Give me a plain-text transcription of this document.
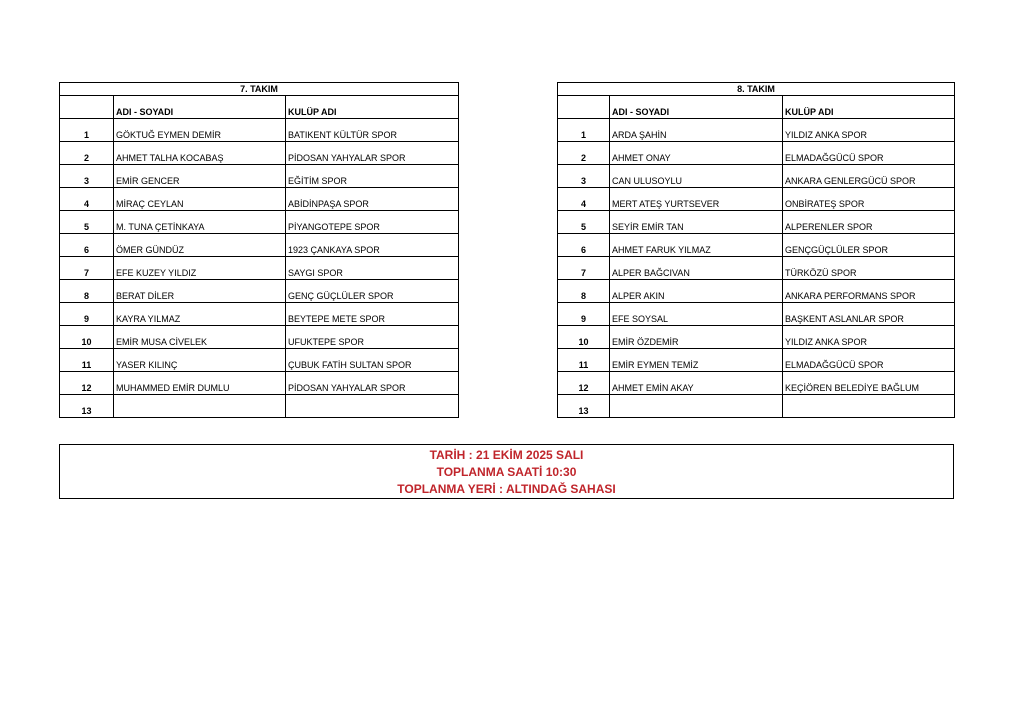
7. TAKIM		
	ADI - SOYADI	KULÜP ADI
1	GÖKTUĞ EYMEN DEMİR	BATIKENT KÜLTÜR SPOR
2	AHMET TALHA KOCABAŞ	PİDOSAN YAHYALAR SPOR
3	EMİR GENCER	EĞİTİM SPOR
4	MİRAÇ CEYLAN	ABİDİNPAŞA SPOR
5	M. TUNA ÇETİNKAYA	PİYANGOTEPE SPOR
6	ÖMER GÜNDÜZ	1923 ÇANKAYA SPOR
7	EFE KUZEY YILDIZ	SAYGI SPOR
8	BERAT DİLER	GENÇ GÜÇLÜLER SPOR
9	KAYRA YILMAZ	BEYTEPE METE SPOR
10	EMİR MUSA CİVELEK	UFUKTEPE SPOR
11	YASER KILINÇ	ÇUBUK FATİH SULTAN SPOR
12	MUHAMMED EMİR DUMLU	PİDOSAN YAHYALAR SPOR
13		
8. TAKIM		
	ADI - SOYADI	KULÜP ADI
1	ARDA ŞAHİN	YILDIZ ANKA SPOR
2	AHMET ONAY	ELMADAĞGÜCÜ SPOR
3	CAN ULUSOYLU	ANKARA GENLERGÜCÜ SPOR
4	MERT ATEŞ YURTSEVER	ONBİRATEŞ SPOR
5	SEYİR EMİR TAN	ALPERENLER SPOR
6	AHMET FARUK YILMAZ	GENÇGÜÇLÜLER SPOR
7	ALPER BAĞCIVAN	TÜRKÖZÜ SPOR
8	ALPER AKIN	ANKARA PERFORMANS SPOR
9	EFE SOYSAL	BAŞKENT ASLANLAR SPOR
10	EMİR ÖZDEMİR	YILDIZ ANKA SPOR
11	EMİR EYMEN TEMİZ	ELMADAĞGÜCÜ SPOR
12	AHMET EMİN AKAY	KEÇİÖREN BELEDİYE BAĞLUM
13		
TARİH : 21 EKİM 2025 SALI
TOPLANMA SAATİ 10:30
TOPLANMA YERİ : ALTINDAĞ SAHASI
